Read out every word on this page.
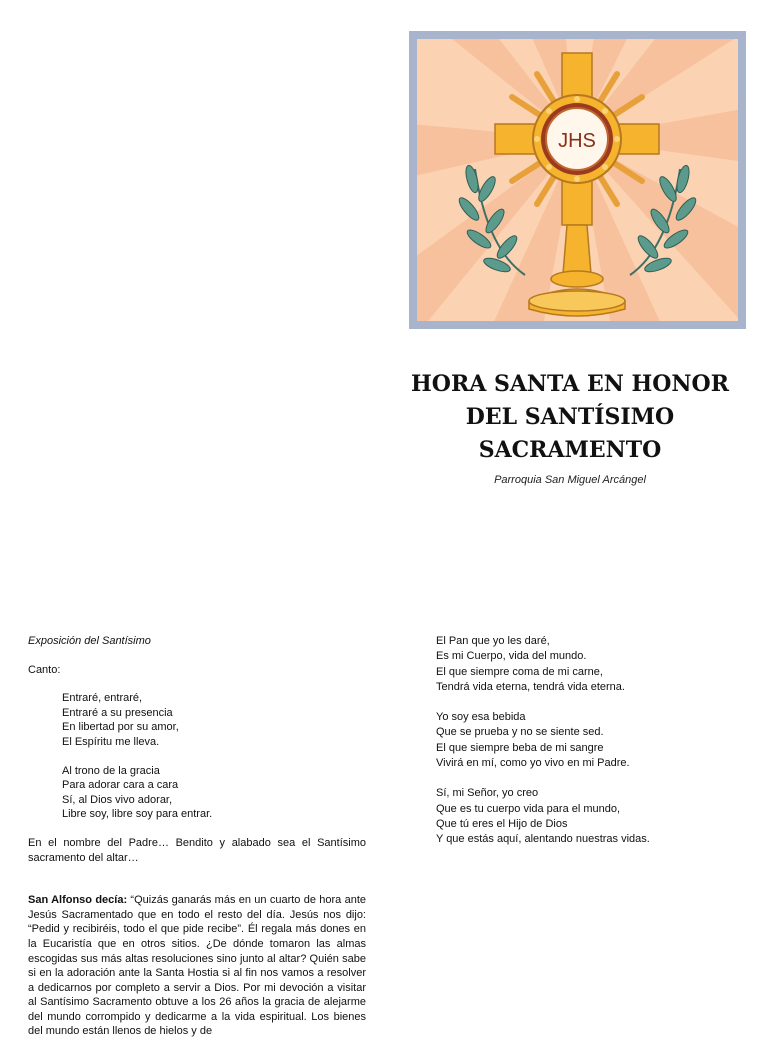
JHS
HORA SANTA EN HONOR
DEL SANTÍSIMO
SACRAMENTO
Parroquia San Miguel Arcángel

Exposición del Santísimo

Canto:

Entraré, entraré,

Entraré a su presencia

En libertad por su amor,

El Espíritu me lleva.

Al trono de la gracia

Para adorar cara a cara

Sí, al Dios vivo adorar,

Libre soy, libre soy para entrar.

En el nombre del Padre… Bendito y alabado sea el Santísimo sacramento del altar…

San Alfonso decía: “Quizás ganarás más en un cuarto de hora ante Jesús Sacramentado que en todo el resto del día. Jesús nos dijo: “Pedid y recibiréis, todo el que pide recibe”. Él regala más dones en la Eucaristía que en otros sitios. ¿De dónde tomaron las almas escogidas sus más altas resoluciones sino junto al altar? Quién sabe si en la adoración ante la Santa Hostia si al fin nos vamos a resolver a dedicarnos por completo a servir a Dios. Por mi devoción a visitar al Santísimo Sacramento obtuve a los 26 años la gracia de alejarme del mundo corrompido y dedicarme a la vida espiritual. Los bienes del mundo están llenos de hielos y de

El Pan que yo les daré,

Es mi Cuerpo, vida del mundo.

El que siempre coma de mi carne,

Tendrá vida eterna, tendrá vida eterna.

Yo soy esa bebida

Que se prueba y no se siente sed.

El que siempre beba de mi sangre

Vivirá en mí, como yo vivo en mi Padre.

Sí, mi Señor, yo creo

Que es tu cuerpo vida para el mundo,

Que tú eres el Hijo de Dios

Y que estás aquí, alentando nuestras vidas.
